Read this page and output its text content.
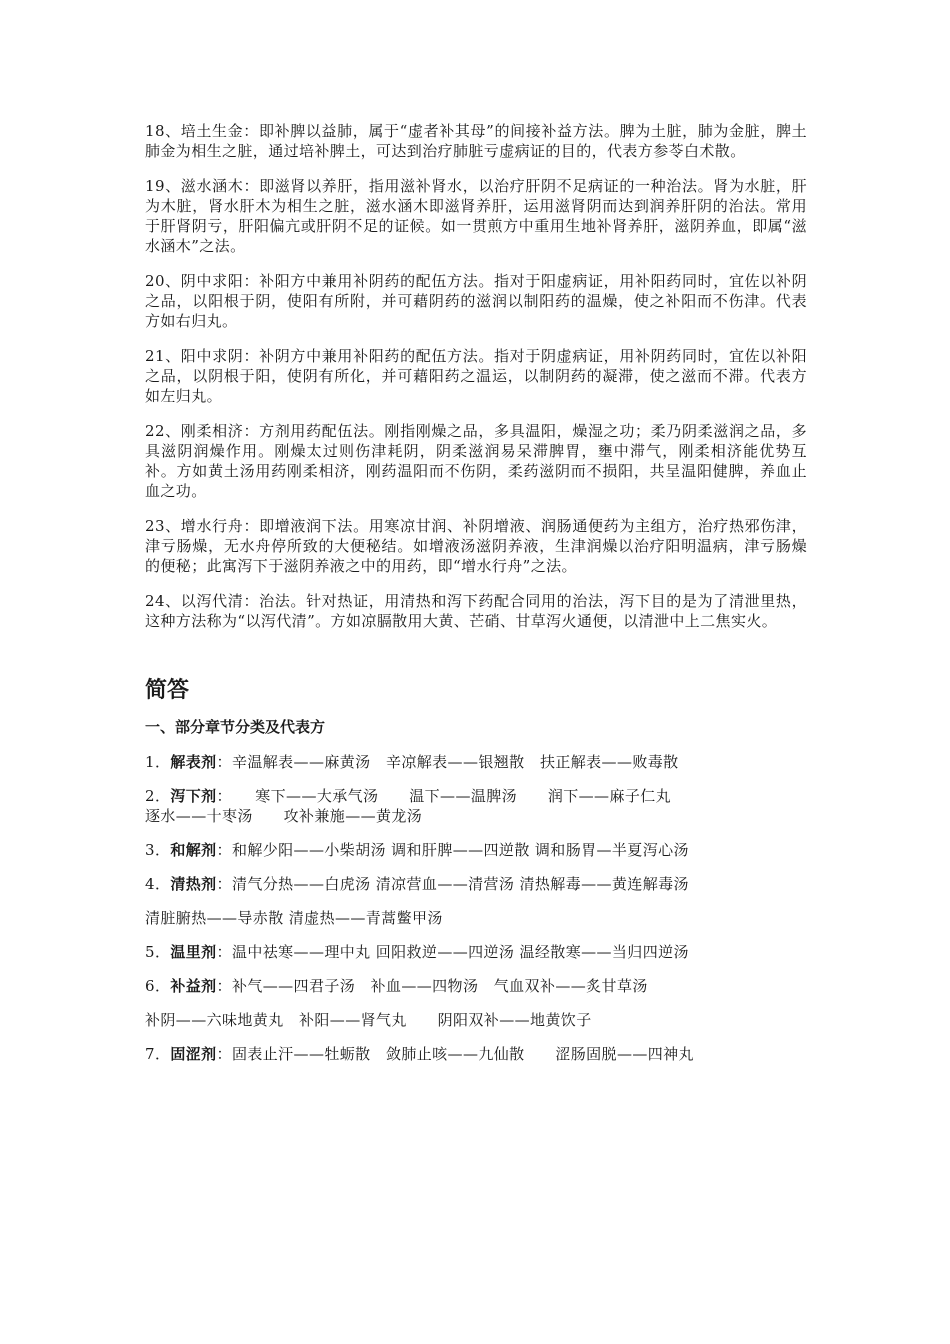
18、培土生金：即补脾以益肺，属于“虚者补其母”的间接补益方法。脾为土脏，肺为金脏，脾土肺金为相生之脏，通过培补脾土，可达到治疗肺脏亏虚病证的目的，代表方参苓白术散。

19、滋水涵木：即滋肾以养肝，指用滋补肾水，以治疗肝阴不足病证的一种治法。肾为水脏，肝为木脏，肾水肝木为相生之脏，滋水涵木即滋肾养肝，运用滋肾阴而达到润养肝阴的治法。常用于肝肾阴亏，肝阳偏亢或肝阴不足的证候。如一贯煎方中重用生地补肾养肝，滋阴养血，即属“滋水涵木”之法。

20、阴中求阳：补阳方中兼用补阴药的配伍方法。指对于阳虚病证，用补阳药同时，宜佐以补阴之品，以阳根于阴，使阳有所附，并可藉阴药的滋润以制阳药的温燥，使之补阳而不伤津。代表方如右归丸。

21、阳中求阴：补阴方中兼用补阳药的配伍方法。指对于阴虚病证，用补阴药同时，宜佐以补阳之品，以阴根于阳，使阴有所化，并可藉阳药之温运，以制阴药的凝滞，使之滋而不滞。代表方如左归丸。

22、刚柔相济：方剂用药配伍法。刚指刚燥之品，多具温阳，燥湿之功；柔乃阴柔滋润之品，多具滋阴润燥作用。刚燥太过则伤津耗阴，阴柔滋润易呆滞脾胃，壅中滞气，刚柔相济能优势互补。方如黄土汤用药刚柔相济，刚药温阳而不伤阴，柔药滋阴而不损阳，共呈温阳健脾，养血止血之功。

23、增水行舟：即增液润下法。用寒凉甘润、补阴增液、润肠通便药为主组方，治疗热邪伤津，津亏肠燥，无水舟停所致的大便秘结。如增液汤滋阴养液，生津润燥以治疗阳明温病，津亏肠燥的便秘；此寓泻下于滋阴养液之中的用药，即“增水行舟”之法。

24、以泻代清：治法。针对热证，用清热和泻下药配合同用的治法，泻下目的是为了清泄里热，这种方法称为“以泻代清”。方如凉膈散用大黄、芒硝、甘草泻火通便，以清泄中上二焦实火。

简答
一、部分章节分类及代表方
1．解表剂：辛温解表——麻黄汤　辛凉解表——银翘散　扶正解表——败毒散
2．泻下剂：　　寒下——大承气汤　　温下——温脾汤　　润下——麻子仁丸
逐水——十枣汤　　攻补兼施——黄龙汤
3．和解剂：和解少阳——小柴胡汤 调和肝脾——四逆散 调和肠胃—半夏泻心汤
4．清热剂：清气分热——白虎汤 清凉营血——清营汤 清热解毒——黄连解毒汤
清脏腑热——导赤散 清虚热——青蒿鳖甲汤
5．温里剂：温中祛寒——理中丸 回阳救逆——四逆汤 温经散寒——当归四逆汤
6．补益剂：补气——四君子汤　补血——四物汤　气血双补——炙甘草汤
补阴——六味地黄丸　补阳——肾气丸　　阴阳双补——地黄饮子
7．固涩剂：固表止汗——牡蛎散　敛肺止咳——九仙散　　涩肠固脱——四神丸
